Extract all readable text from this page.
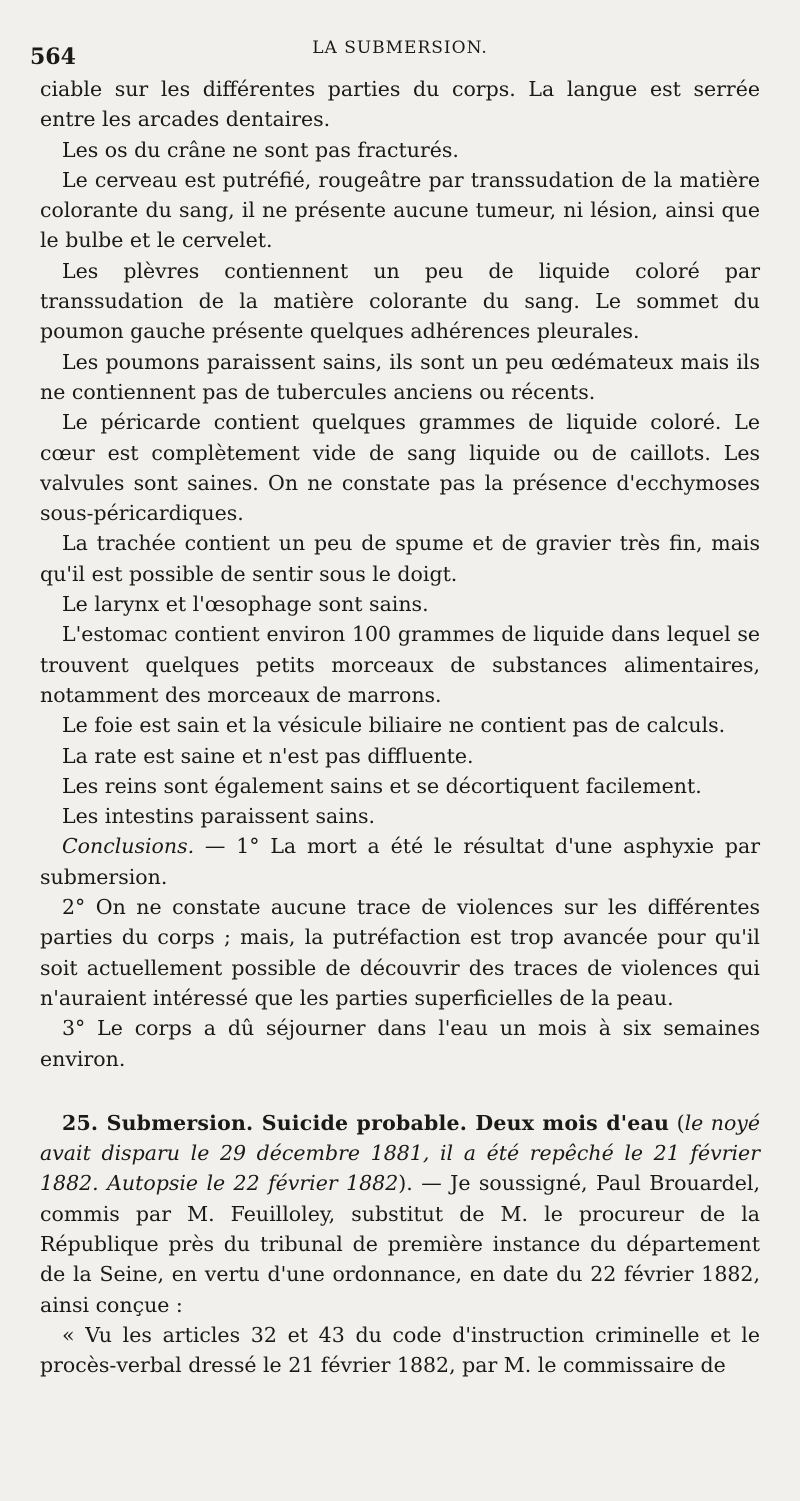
564	LA SUBMERSION.

ciable sur les différentes parties du corps. La langue est serrée entre les arcades dentaires.

Les os du crâne ne sont pas fracturés.

Le cerveau est putréfié, rougeâtre par transsudation de la matière colorante du sang, il ne présente aucune tumeur, ni lésion, ainsi que le bulbe et le cervelet.

Les plèvres contiennent un peu de liquide coloré par transsudation de la matière colorante du sang. Le sommet du poumon gauche présente quelques adhérences pleurales.

Les poumons paraissent sains, ils sont un peu œdémateux mais ils ne contiennent pas de tubercules anciens ou récents.

Le péricarde contient quelques grammes de liquide coloré. Le cœur est complètement vide de sang liquide ou de caillots. Les valvules sont saines. On ne constate pas la présence d'ecchymoses sous-péricardiques.

La trachée contient un peu de spume et de gravier très fin, mais qu'il est possible de sentir sous le doigt.

Le larynx et l'œsophage sont sains.

L'estomac contient environ 100 grammes de liquide dans lequel se trouvent quelques petits morceaux de substances alimentaires, notamment des morceaux de marrons.

Le foie est sain et la vésicule biliaire ne contient pas de calculs.

La rate est saine et n'est pas diffluente.

Les reins sont également sains et se décortiquent facilement.

Les intestins paraissent sains.

Conclusions. — 1° La mort a été le résultat d'une asphyxie par submersion.

2° On ne constate aucune trace de violences sur les différentes parties du corps ; mais, la putréfaction est trop avancée pour qu'il soit actuellement possible de découvrir des traces de violences qui n'auraient intéressé que les parties superficielles de la peau.

3° Le corps a dû séjourner dans l'eau un mois à six semaines environ.

25. Submersion. Suicide probable. Deux mois d'eau (le noyé avait disparu le 29 décembre 1881, il a été repêché le 21 février 1882. Autopsie le 22 février 1882). — Je soussigné, Paul Brouardel, commis par M. Feuilloley, substitut de M. le procureur de la République près du tribunal de première instance du département de la Seine, en vertu d'une ordonnance, en date du 22 février 1882, ainsi conçue :

« Vu les articles 32 et 43 du code d'instruction criminelle et le procès-verbal dressé le 21 février 1882, par M. le commissaire de
